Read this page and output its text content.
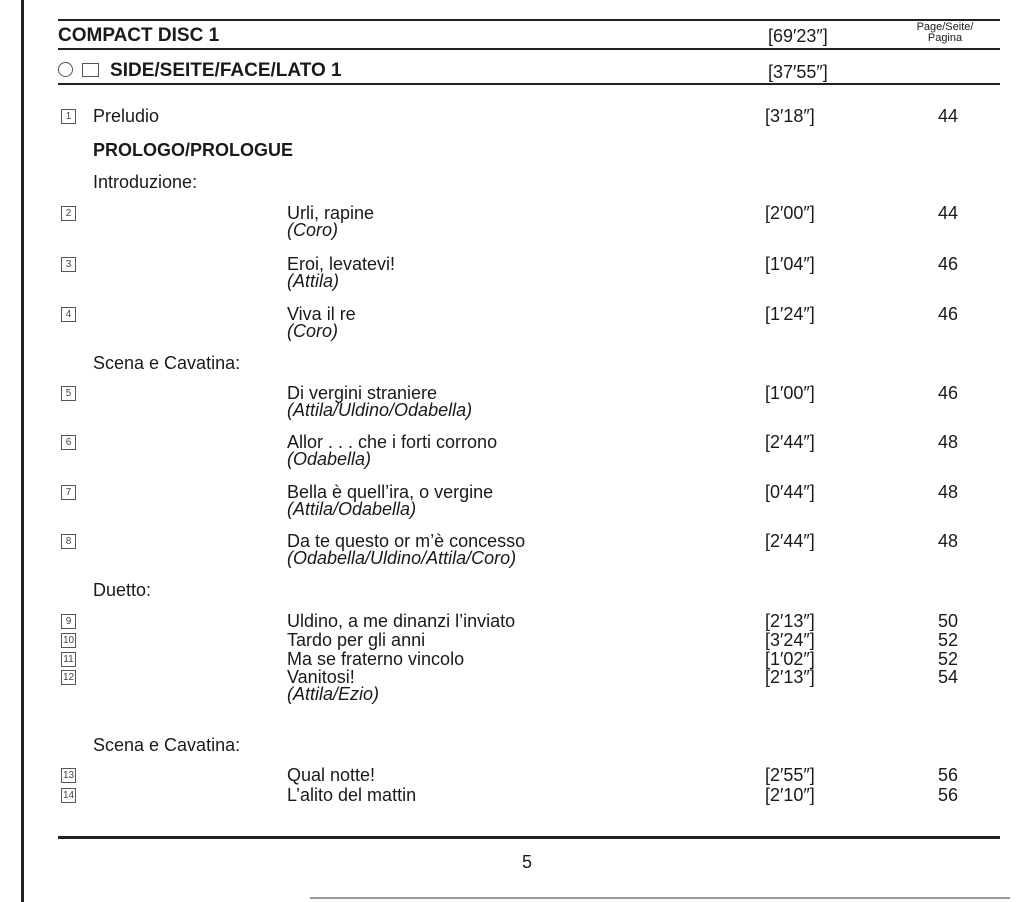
COMPACT DISC 1	[69′23″]	Page/Seite/
Pagina
SIDE/SEITE/FACE/LATO 1	[37′55″]
1 Preludio	[3′18″]	44
PROLOGO/PROLOGUE
Introduzione:
Scena e Cavatina:
Duetto:
Scena e Cavatina:
2	Urli, rapine	[2′00″]	44
(Coro)
3	Eroi, levatevi!	[1′04″]	46
(Attila)
4	Viva il re	[1′24″]	46
(Coro)
5	Di vergini straniere	[1′00″]	46
(Attila/Uldino/Odabella)
6	Allor . . . che i forti corrono	[2′44″]	48
(Odabella)
7	Bella è quell’ira, o vergine	[0′44″]	48
(Attila/Odabella)
8	Da te questo or m’è concesso	[2′44″]	48
(Odabella/Uldino/Attila/Coro)
9	Uldino, a me dinanzi l’inviato	[2′13″]	50
10	Tardo per gli anni	[3′24″]	52
11	Ma se fraterno vincolo	[1′02″]	52
12	Vanitosi!	[2′13″]	54
(Attila/Ezio)
13	Qual notte!	[2′55″]	56
14	L’alito del mattin	[2′10″]	56
5
